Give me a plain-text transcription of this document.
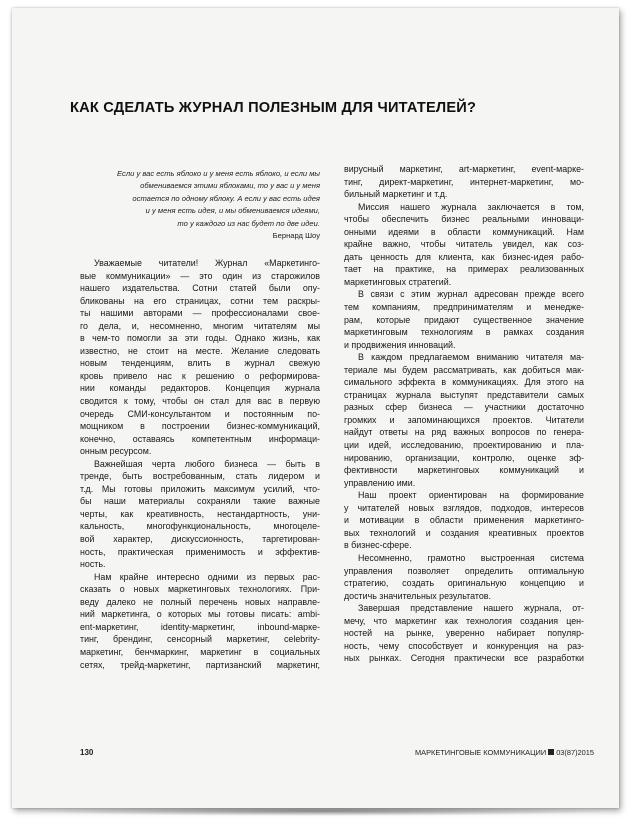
КАК СДЕЛАТЬ ЖУРНАЛ ПОЛЕЗНЫМ ДЛЯ ЧИТАТЕЛЕЙ?
Если у вас есть яблоко и у меня есть яблоко, и если мы
обмениваемся этими яблоками, то у вас и у меня
остается по одному яблоку. А если у вас есть идея
и у меня есть идея, и мы обмениваемся идеями,
то у каждого из нас будет по две идеи.
Бернард Шоу
Уважаемые читатели! Журнал «Маркетинго-
вые коммуникации» — это один из старожилов
нашего издательства. Сотни статей были опу-
бликованы на его страницах, сотни тем раскры-
ты нашими авторами — профессионалами свое-
го дела, и, несомненно, многим читателям мы
в чем-то помогли за эти годы. Однако жизнь, как
известно, не стоит на месте. Желание следовать
новым тенденциям, влить в журнал свежую
кровь привело нас к решению о реформирова-
нии команды редакторов. Концепция журнала
сводится к тому, чтобы он стал для вас в первую
очередь СМИ-консультантом и постоянным по-
мощником в построении бизнес-коммуникаций,
конечно, оставаясь компетентным информаци-
онным ресурсом.
Важнейшая черта любого бизнеса — быть в
тренде, быть востребованным, стать лидером и
т.д. Мы готовы приложить максимум усилий, что-
бы наши материалы сохраняли такие важные
черты, как креативность, нестандартность, уни-
кальность, многофункциональность, многоцеле-
вой характер, дискуссионность, таргетирован-
ность, практическая применимость и эффектив-
ность.
Нам крайне интересно одними из первых рас-
сказать о новых маркетинговых технологиях. При-
веду далеко не полный перечень новых направле-
ний маркетинга, о которых мы готовы писать: ambi-
ent-маркетинг, identity-маркетинг, inbound-марке-
тинг, брендинг, сенсорный маркетинг, celebrity-
маркетинг, бенчмаркинг, маркетинг в социальных
сетях, трейд-маркетинг, партизанский маркетинг,
вирусный маркетинг, art-маркетинг, event-марке-
тинг, директ-маркетинг, интернет-маркетинг, мо-
бильный маркетинг и т.д.
Миссия нашего журнала заключается в том,
чтобы обеспечить бизнес реальными инноваци-
онными идеями в области коммуникаций. Нам
крайне важно, чтобы читатель увидел, как соз-
дать ценность для клиента, как бизнес-идея рабо-
тает на практике, на примерах реализованных
маркетинговых стратегий.
В связи с этим журнал адресован прежде всего
тем компаниям, предпринимателям и менедже-
рам, которые придают существенное значение
маркетинговым технологиям в рамках создания
и продвижения инноваций.
В каждом предлагаемом вниманию читателя ма-
териале мы будем рассматривать, как добиться мак-
симального эффекта в коммуникациях. Для этого на
страницах журнала выступят представители самых
разных сфер бизнеса — участники достаточно
громких и запоминающихся проектов. Читатели
найдут ответы на ряд важных вопросов по генера-
ции идей, исследованию, проектированию и пла-
нированию, организации, контролю, оценке эф-
фективности маркетинговых коммуникаций и
управлению ими.
Наш проект ориентирован на формирование
у читателей новых взглядов, подходов, интересов
и мотивации в области применения маркетинго-
вых технологий и создания креативных проектов
в бизнес-сфере.
Несомненно, грамотно выстроенная система
управления позволяет определить оптимальную
стратегию, создать оригинальную концепцию и
достичь значительных результатов.
Завершая представление нашего журнала, от-
мечу, что маркетинг как технология создания цен-
ностей на рынке, уверенно набирает популяр-
ность, чему способствует и конкуренция на раз-
ных рынках. Сегодня практически все разработки
130	МАРКЕТИНГОВЫЕ КОММУНИКАЦИИ 03(87)2015
